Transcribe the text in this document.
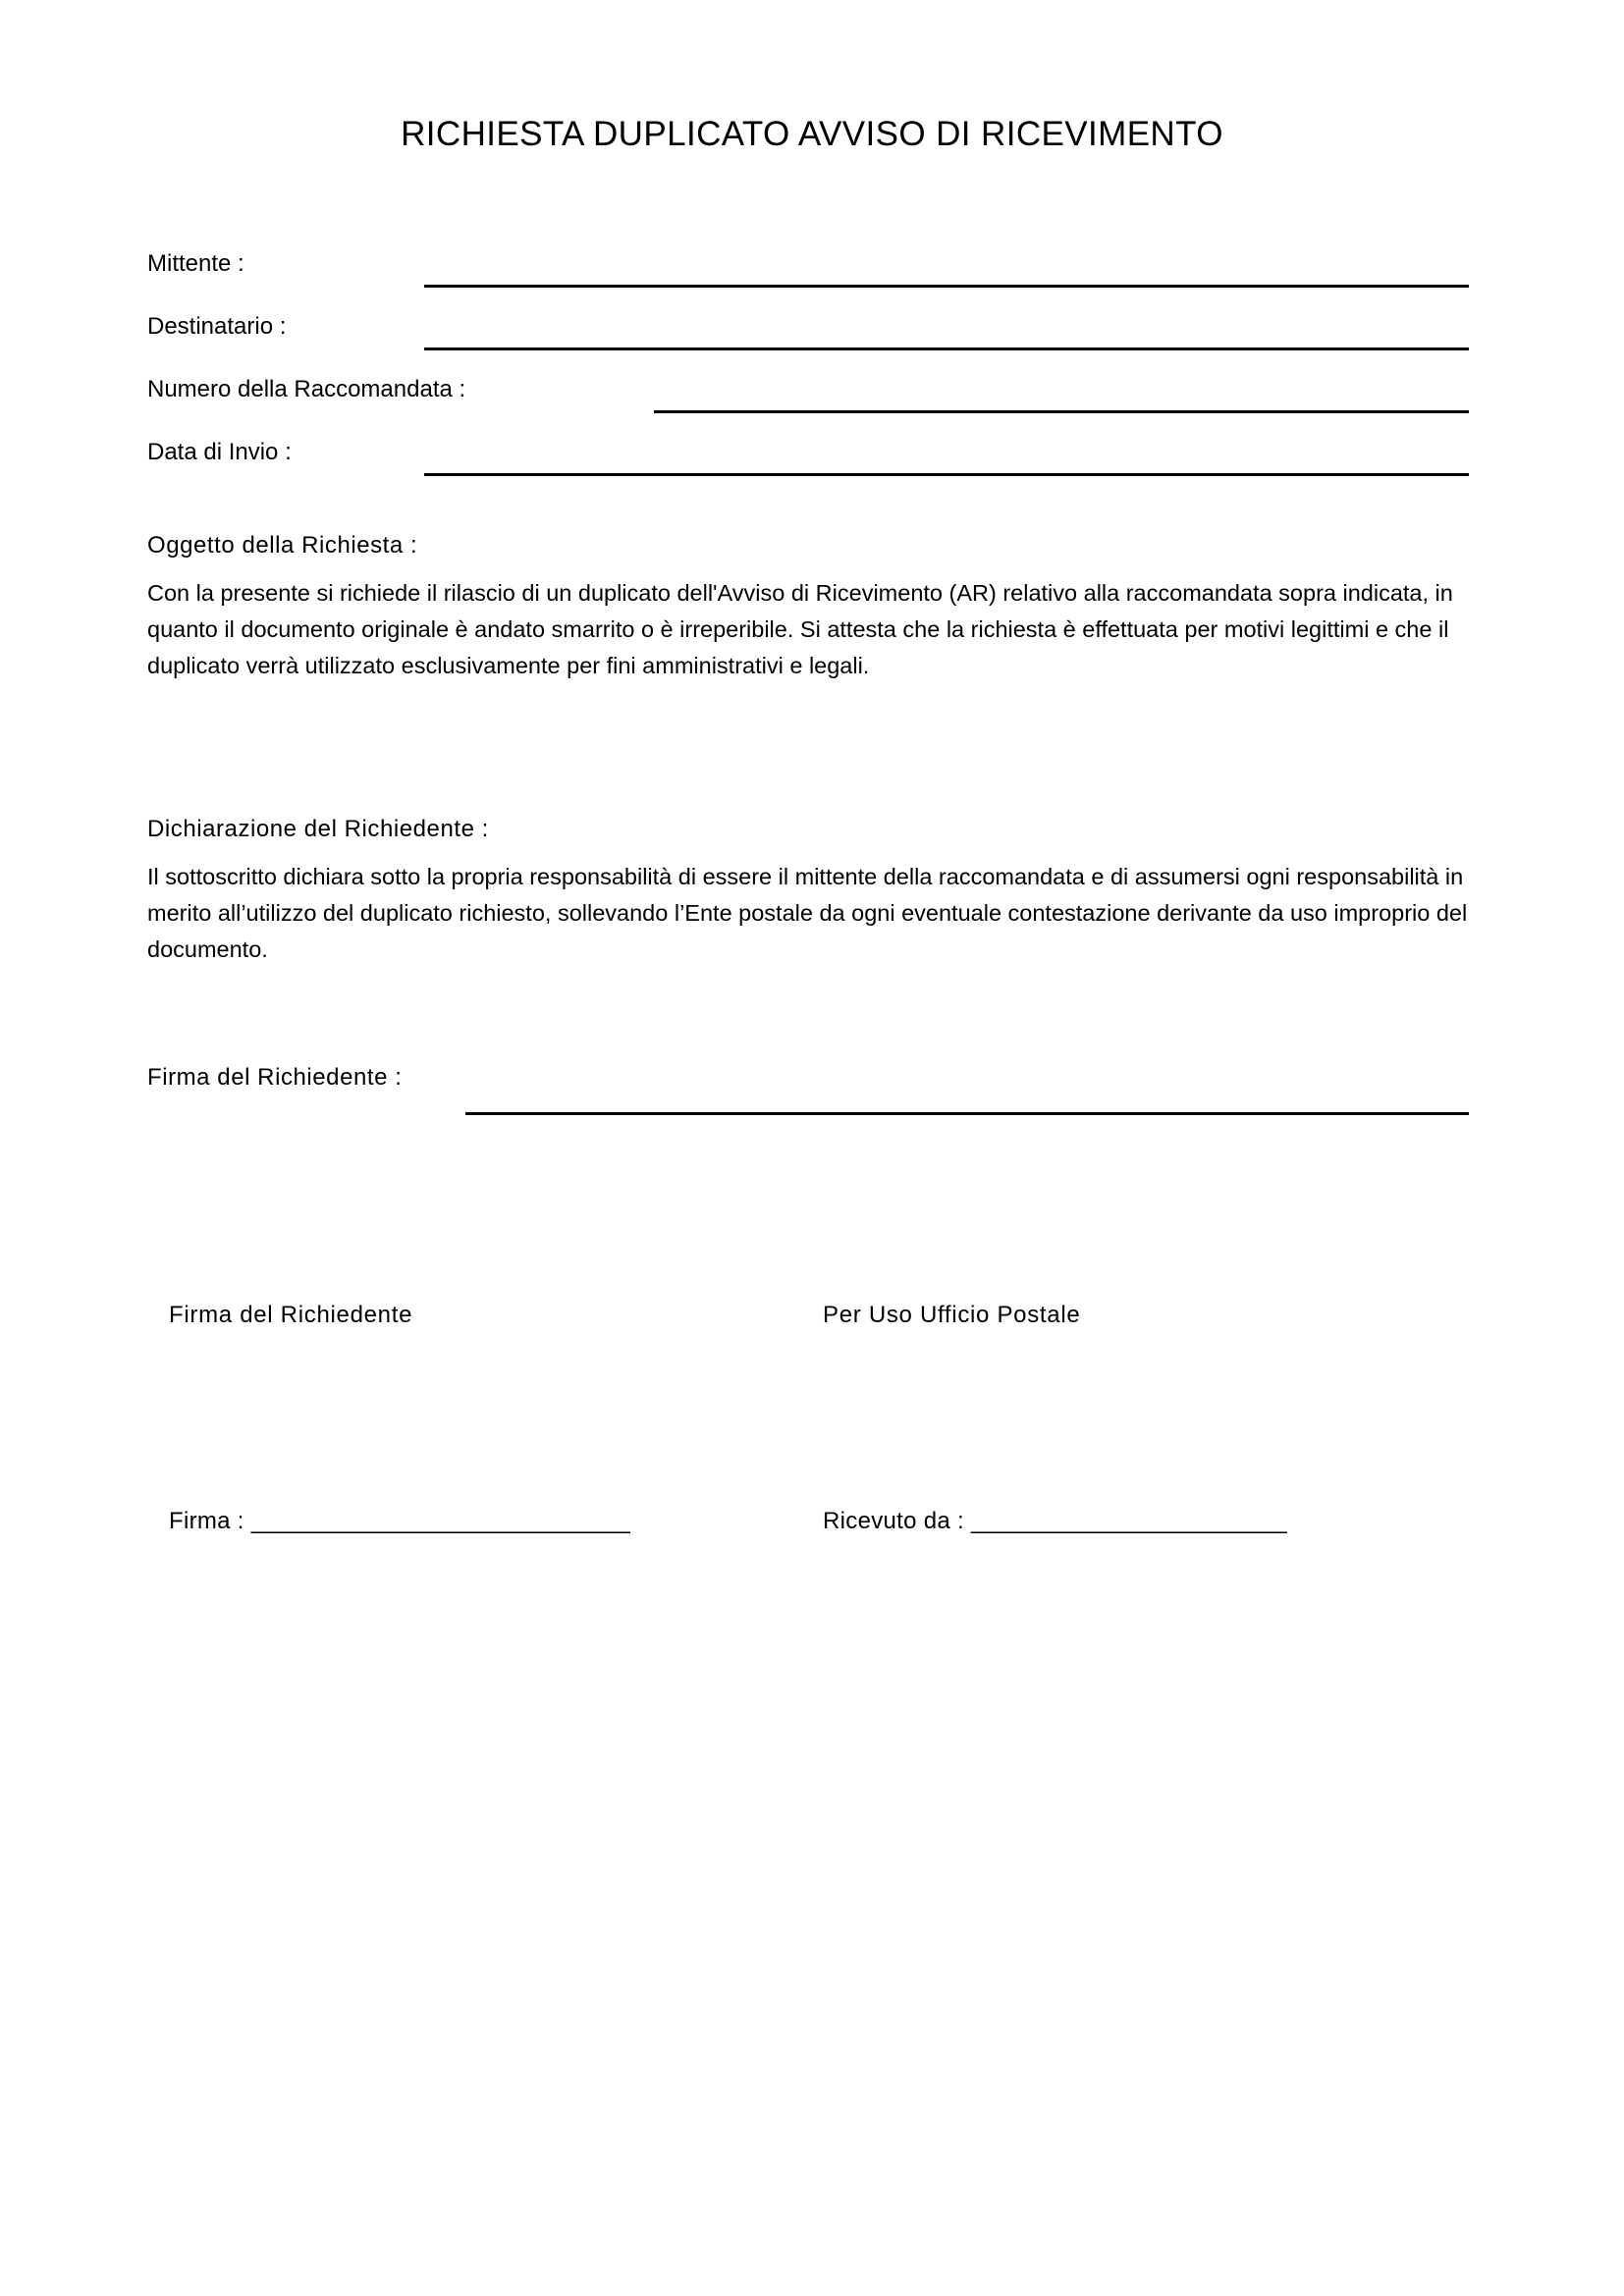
RICHIESTA DUPLICATO AVVISO DI RICEVIMENTO
Mittente :
Destinatario :
Numero della Raccomandata :
Data di Invio :
Oggetto della Richiesta :
Con la presente si richiede il rilascio di un duplicato dell'Avviso di Ricevimento (AR) relativo alla raccomandata sopra indicata, in quanto il documento originale è andato smarrito o è irreperibile. Si attesta che la richiesta è effettuata per motivi legittimi e che il duplicato verrà utilizzato esclusivamente per fini amministrativi e legali.
Dichiarazione del Richiedente :
Il sottoscritto dichiara sotto la propria responsabilità di essere il mittente della raccomandata e di assumersi ogni responsabilità in merito all’utilizzo del duplicato richiesto, sollevando l’Ente postale da ogni eventuale contestazione derivante da uso improprio del documento.
Firma del Richiedente :
Firma del Richiedente	Per Uso Ufficio Postale
Firma : ______________________________	Ricevuto da : _________________________
